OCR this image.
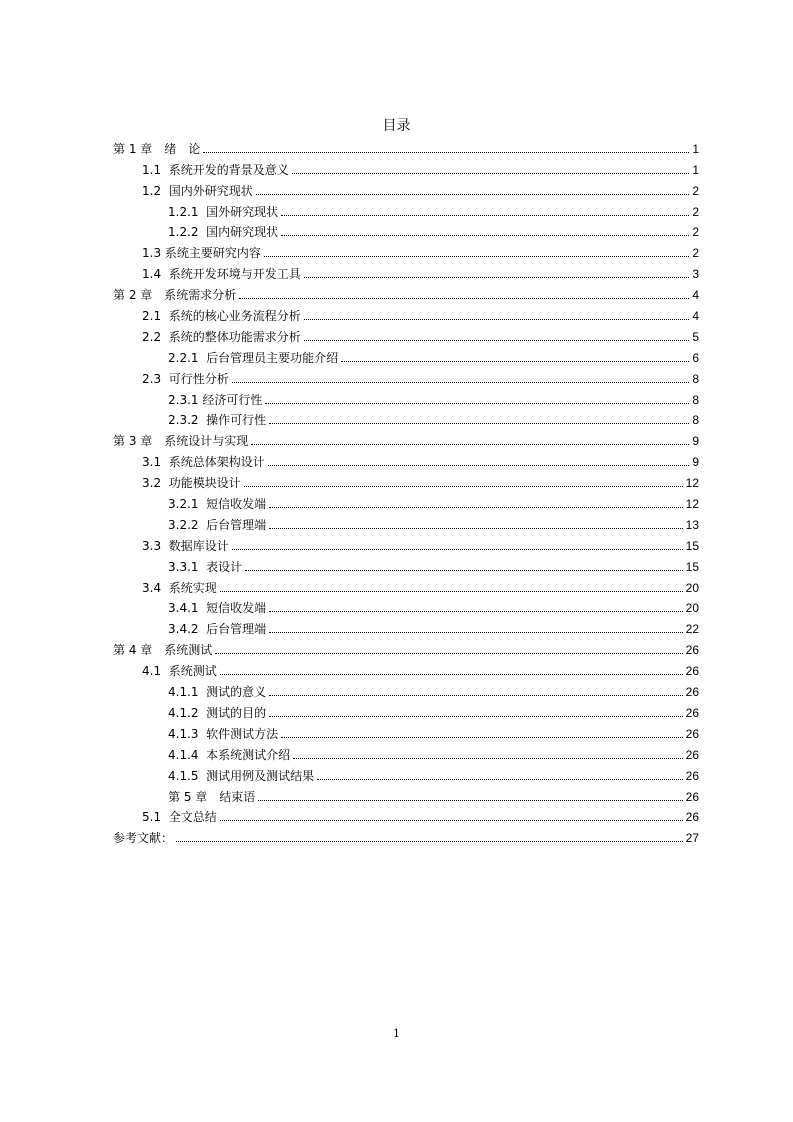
目录
第 1 章　绪　论	1
1.1  系统开发的背景及意义	1
1.2  国内外研究现状	2
1.2.1  国外研究现状	2
1.2.2  国内研究现状	2
1.3 系统主要研究内容	2
1.4  系统开发环境与开发工具	3
第 2 章　系统需求分析	4
2.1  系统的核心业务流程分析	4
2.2  系统的整体功能需求分析	5
2.2.1  后台管理员主要功能介绍	6
2.3  可行性分析	8
2.3.1 经济可行性	8
2.3.2  操作可行性	8
第 3 章　系统设计与实现	9
3.1  系统总体架构设计	9
3.2  功能模块设计	12
3.2.1  短信收发端	12
3.2.2  后台管理端	13
3.3  数据库设计	15
3.3.1  表设计	15
3.4  系统实现	20
3.4.1  短信收发端	20
3.4.2  后台管理端	22
第 4 章　系统测试	26
4.1  系统测试	26
4.1.1  测试的意义	26
4.1.2  测试的目的	26
4.1.3  软件测试方法	26
4.1.4  本系统测试介绍	26
4.1.5  测试用例及测试结果	26
第 5 章　结束语	26
5.1  全文总结	26
参考文献：	27
1
